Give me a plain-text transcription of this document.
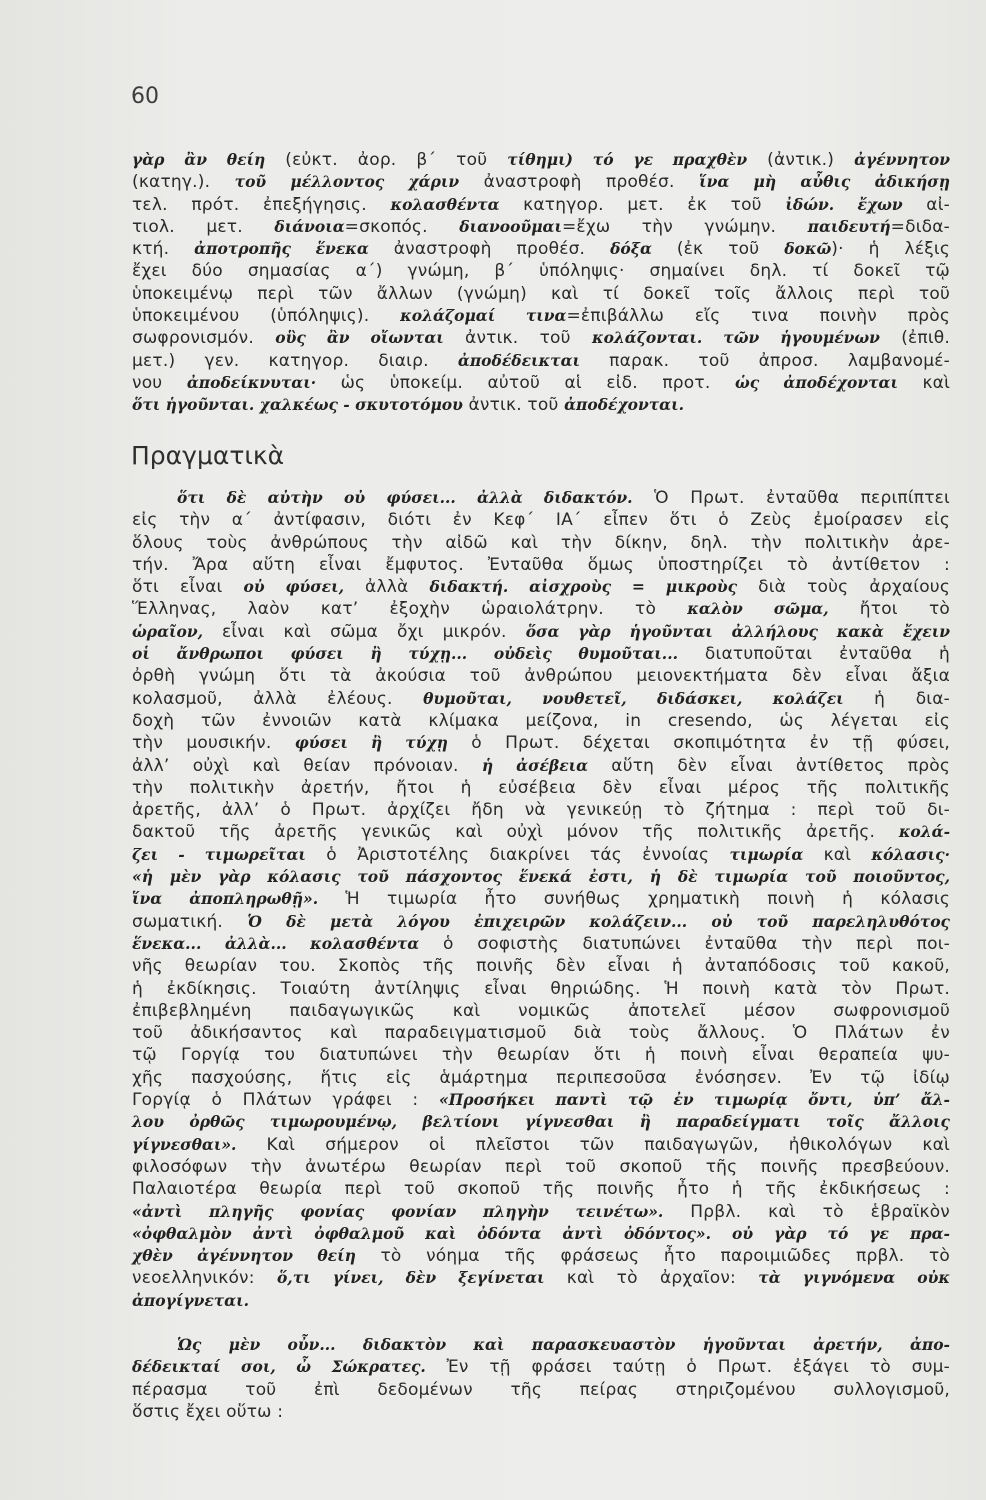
60
γὰρ ἂν θείη (εὐκτ. ἀορ. β΄ τοῦ τίθημι) τό γε πραχθὲν (ἀντικ.) ἀγέννητον
(κατηγ.). τοῦ μέλλοντος χάριν ἀναστροφὴ προθέσ. ἵνα μὴ αὖθις ἀδικήσῃ
τελ. πρότ. ἐπεξήγησις. κολασθέντα κατηγορ. μετ. ἐκ τοῦ ἰδών. ἔχων αἰ-
τιολ. μετ. διάνοια=σκοπός. διανοοῦμαι=ἔχω τὴν γνώμην. παιδευτή=διδα-
κτή. ἀποτροπῆς ἕνεκα ἀναστροφὴ προθέσ. δόξα (ἐκ τοῦ δοκῶ)· ἡ λέξις
ἔχει δύο σημασίας α΄) γνώμη, β΄ ὑπόληψις· σημαίνει δηλ. τί δοκεῖ τῷ
ὑποκειμένῳ περὶ τῶν ἄλλων (γνώμη) καὶ τί δοκεῖ τοῖς ἄλλοις περὶ τοῦ
ὑποκειμένου (ὑπόληψις). κολάζομαί τινα=ἐπιβάλλω εἴς τινα ποινὴν πρὸς
σωφρονισμόν. οὓς ἂν οἴωνται ἀντικ. τοῦ κολάζονται. τῶν ἡγουμένων (ἐπιθ.
μετ.) γεν. κατηγορ. διαιρ. ἀποδέδεικται παρακ. τοῦ ἀπροσ. λαμβανομέ-
νου ἀποδείκνυται· ὡς ὑποκείμ. αὐτοῦ αἱ εἰδ. προτ. ὡς ἀποδέχονται καὶ
ὅτι ἡγοῦνται. χαλκέως - σκυτοτόμου ἀντικ. τοῦ ἀποδέχονται.
Πραγματικὰ
ὅτι δὲ αὐτὴν οὐ φύσει... ἀλλὰ διδακτόν. Ὁ Πρωτ. ἐνταῦθα περιπίπτει
εἰς τὴν α΄ ἀντίφασιν, διότι ἐν Κεφ΄ ΙΑ΄ εἶπεν ὅτι ὁ Ζεὺς ἐμοίρασεν εἰς
ὅλους τοὺς ἀνθρώπους τὴν αἰδῶ καὶ τὴν δίκην, δηλ. τὴν πολιτικὴν ἀρε-
τήν. Ἄρα αὕτη εἶναι ἔμφυτος. Ἐνταῦθα ὅμως ὑποστηρίζει τὸ ἀντίθετον :
ὅτι εἶναι οὐ φύσει, ἀλλὰ διδακτή. αἰσχροὺς = μικροὺς διὰ τοὺς ἀρχαίους
Ἕλληνας, λαὸν κατ’ ἐξοχὴν ὡραιολάτρην. τὸ καλὸν σῶμα, ἤτοι τὸ
ὡραῖον, εἶναι καὶ σῶμα ὄχι μικρόν. ὅσα γὰρ ἡγοῦνται ἀλλήλους κακὰ ἔχειν
οἱ ἄνθρωποι φύσει ἢ τύχῃ... οὐδεὶς θυμοῦται... διατυποῦται ἐνταῦθα ἡ
ὀρθὴ γνώμη ὅτι τὰ ἀκούσια τοῦ ἀνθρώπου μειονεκτήματα δὲν εἶναι ἄξια
κολασμοῦ, ἀλλὰ ἐλέους. θυμοῦται, νουθετεῖ, διδάσκει, κολάζει ἡ δια-
δοχὴ τῶν ἐννοιῶν κατὰ κλίμακα μείζονα, in cresendo, ὡς λέγεται εἰς
τὴν μουσικήν. φύσει ἢ τύχῃ ὁ Πρωτ. δέχεται σκοπιμότητα ἐν τῇ φύσει,
ἀλλ’ οὐχὶ καὶ θείαν πρόνοιαν. ἡ ἀσέβεια αὕτη δὲν εἶναι ἀντίθετος πρὸς
τὴν πολιτικὴν ἀρετήν, ἤτοι ἡ εὐσέβεια δὲν εἶναι μέρος τῆς πολιτικῆς
ἀρετῆς, ἀλλ’ ὁ Πρωτ. ἀρχίζει ἤδη νὰ γενικεύῃ τὸ ζήτημα : περὶ τοῦ δι-
δακτοῦ τῆς ἀρετῆς γενικῶς καὶ οὐχὶ μόνον τῆς πολιτικῆς ἀρετῆς. κολά-
ζει - τιμωρεῖται ὁ Ἀριστοτέλης διακρίνει τάς ἐννοίας τιμωρία καὶ κόλασις·
«ἡ μὲν γὰρ κόλασις τοῦ πάσχοντος ἕνεκά ἐστι, ἡ δὲ τιμωρία τοῦ ποιοῦντος,
ἵνα ἀποπληρωθῇ». Ἡ τιμωρία ἦτο συνήθως χρηματικὴ ποινὴ ἡ κόλασις
σωματική. Ὁ δὲ μετὰ λόγου ἐπιχειρῶν κολάζειν... οὐ τοῦ παρεληλυθότος
ἕνεκα... ἀλλὰ... κολασθέντα ὁ σοφιστὴς διατυπώνει ἐνταῦθα τὴν περὶ ποι-
νῆς θεωρίαν του. Σκοπὸς τῆς ποινῆς δὲν εἶναι ἡ ἀνταπόδοσις τοῦ κακοῦ,
ἡ ἐκδίκησις. Τοιαύτη ἀντίληψις εἶναι θηριώδης. Ἡ ποινὴ κατὰ τὸν Πρωτ.
ἐπιβεβλημένη παιδαγωγικῶς καὶ νομικῶς ἀποτελεῖ μέσον σωφρονισμοῦ
τοῦ ἀδικήσαντος καὶ παραδειγματισμοῦ διὰ τοὺς ἄλλους. Ὁ Πλάτων ἐν
τῷ Γοργίᾳ του διατυπώνει τὴν θεωρίαν ὅτι ἡ ποινὴ εἶναι θεραπεία ψυ-
χῆς πασχούσης, ἥτις εἰς ἁμάρτημα περιπεσοῦσα ἐνόσησεν. Ἐν τῷ ἰδίῳ
Γοργίᾳ ὁ Πλάτων γράφει : «Προσήκει παντὶ τῷ ἐν τιμωρίᾳ ὄντι, ὑπ’ ἄλ-
λου ὀρθῶς τιμωρουμένῳ, βελτίονι γίγνεσθαι ἢ παραδείγματι τοῖς ἄλλοις
γίγνεσθαι». Καὶ σήμερον οἱ πλεῖστοι τῶν παιδαγωγῶν, ἠθικολόγων καὶ
φιλοσόφων τὴν ἀνωτέρω θεωρίαν περὶ τοῦ σκοποῦ τῆς ποινῆς πρεσβεύουν.
Παλαιοτέρα θεωρία περὶ τοῦ σκοποῦ τῆς ποινῆς ἦτο ἡ τῆς ἐκδικήσεως :
«ἀντὶ πληγῆς φονίας φονίαν πληγὴν τεινέτω». Πρβλ. καὶ τὸ ἑβραϊκὸν
«ὀφθαλμὸν ἀντὶ ὀφθαλμοῦ καὶ ὀδόντα ἀντὶ ὀδόντος». οὐ γὰρ τό γε πρα-
χθὲν ἀγέννητον θείη τὸ νόημα τῆς φράσεως ἦτο παροιμιῶδες πρβλ. τὸ
νεοελληνικόν: ὅ,τι γίνει, δὲν ξεγίνεται καὶ τὸ ἀρχαῖον: τὰ γιγνόμενα οὐκ
ἀπογίγνεται.
Ὡς μὲν οὖν... διδακτὸν καὶ παρασκευαστὸν ἡγοῦνται ἀρετήν, ἀπο-
δέδεικταί σοι, ὦ Σώκρατες. Ἐν τῇ φράσει ταύτῃ ὁ Πρωτ. ἐξάγει τὸ συμ-
πέρασμα τοῦ ἐπὶ δεδομένων τῆς πείρας στηριζομένου συλλογισμοῦ,
ὅστις ἔχει οὕτω :
